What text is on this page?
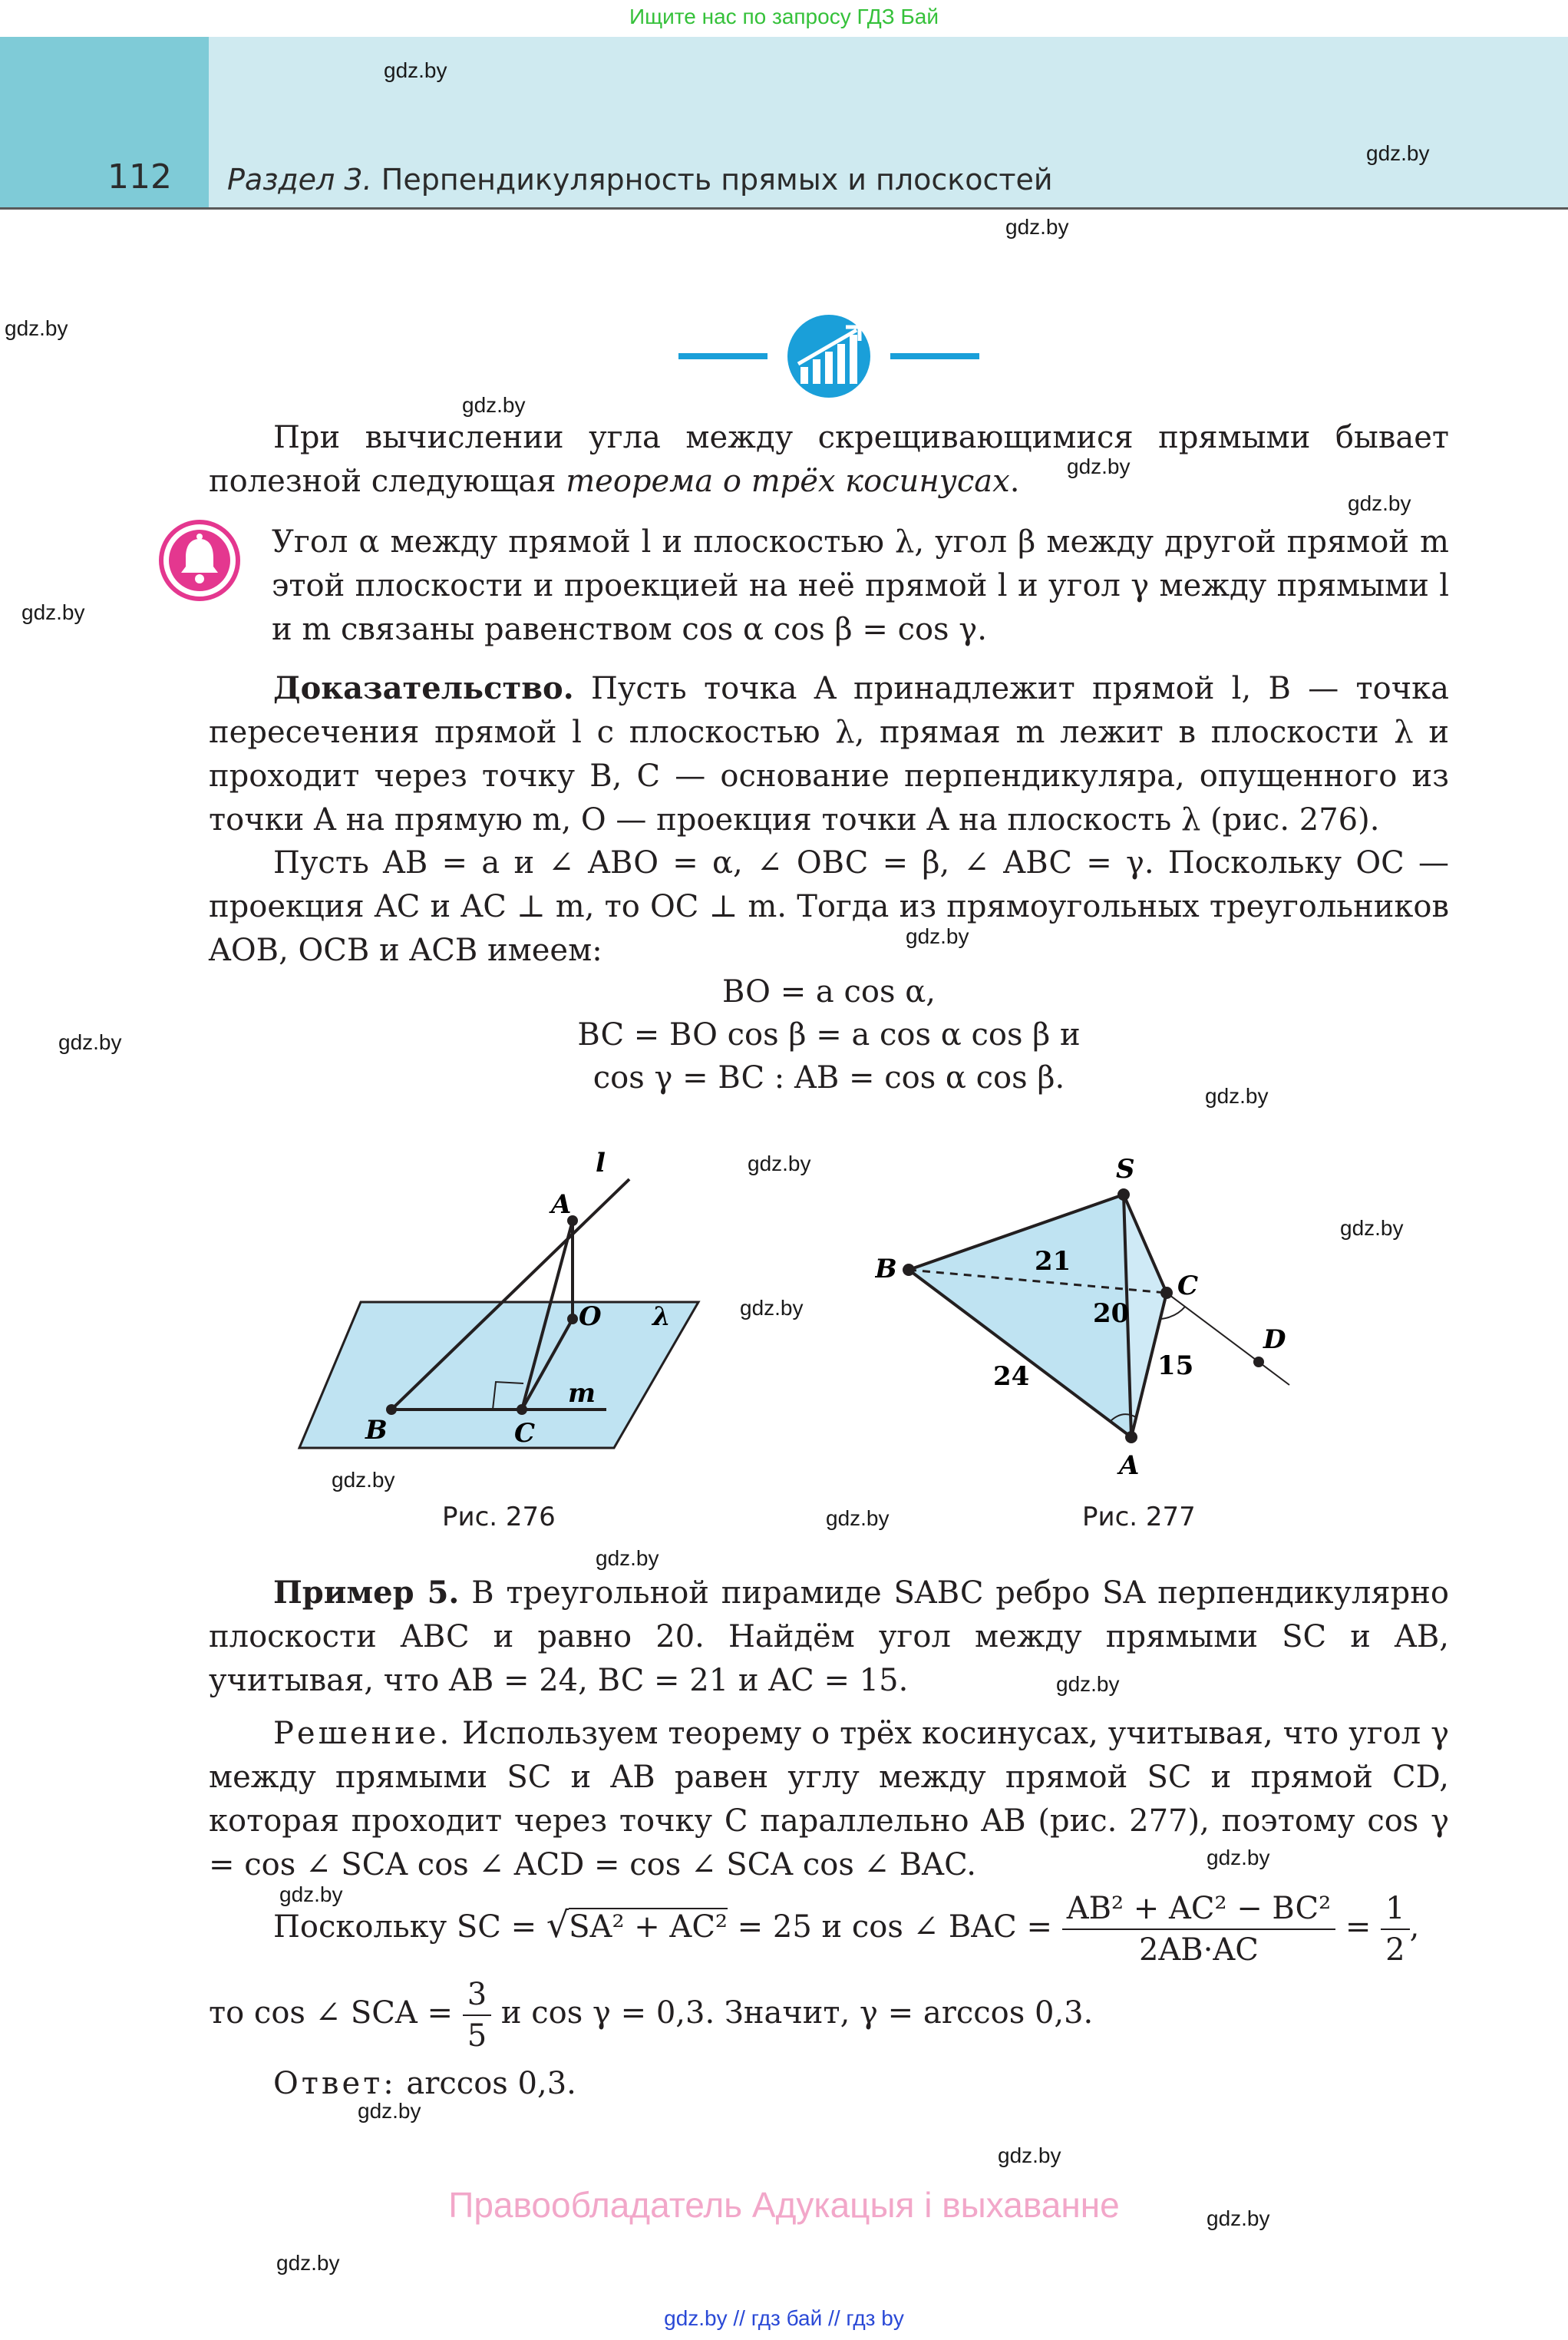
Ищите нас по запросу ГДЗ Бай
112 Раздел 3. Перпендикулярность прямых и плоскостей
gdz.by
gdz.by
gdz.by
gdz.by
gdz.by
gdz.by
gdz.by
gdz.by
gdz.by
gdz.by
gdz.by
gdz.by
gdz.by
gdz.by
gdz.by
gdz.by
gdz.by
gdz.by
gdz.by
gdz.by
gdz.by
gdz.by
gdz.by
gdz.by
При вычислении угла между скрещивающимися прямыми бывает полезной следующая теорема о трёх косинусах.
Угол α между прямой l и плоскостью λ, угол β между другой прямой m этой плоскости и проекцией на неё прямой l и угол γ между прямыми l и m связаны равенством cos α cos β = cos γ.
Доказательство. Пусть точка A принадлежит прямой l, B — точка пересечения прямой l с плоскостью λ, прямая m лежит в плоскости λ и проходит через точку B, C — основание перпендикуляра, опущенного из точки A на прямую m, O — проекция точки A на плоскость λ (рис. 276).
Пусть AB = a и ∠ ABO = α, ∠ OBC = β, ∠ ABC = γ. Поскольку OC — проекция AC и AC ⊥ m, то OC ⊥ m. Тогда из прямоугольных треугольников AOB, OCB и ACB имеем:
BO = a cos α,
BC = BO cos β = a cos α cos β и
cos γ = BC : AB = cos α cos β.
l
A
O λ
m
B	C
Рис. 276
S
B
C
D
A
21
20
15
24
Рис. 277
Пример 5. В треугольной пирамиде SABC ребро SA перпендикулярно плоскости ABC и равно 20. Найдём угол между прямыми SC и AB, учитывая, что AB = 24, BC = 21 и AC = 15.
Решение. Используем теорему о трёх косинусах, учитывая, что угол γ между прямыми SC и AB равен углу между прямой SC и прямой CD, которая проходит через точку C параллельно AB (рис. 277), поэтому cos γ = cos ∠ SCA cos ∠ ACD = cos ∠ SCA cos ∠ BAC.
Поскольку SC = √SA² + AC² = 25 и cos ∠ BAC = $\frac{\text{AB² + AC² − BC²}}{2AB\cdot AC} = \frac{1}{2}$ ,
то cos ∠ SCA = $\frac{3}{5}$ и cos γ = 0,3. Значит, γ = arccos 0,3.
Ответ: arccos 0,3.
Правообладатель Адукацыя і выхаванне
gdz.by // гдз бай // гдз by
